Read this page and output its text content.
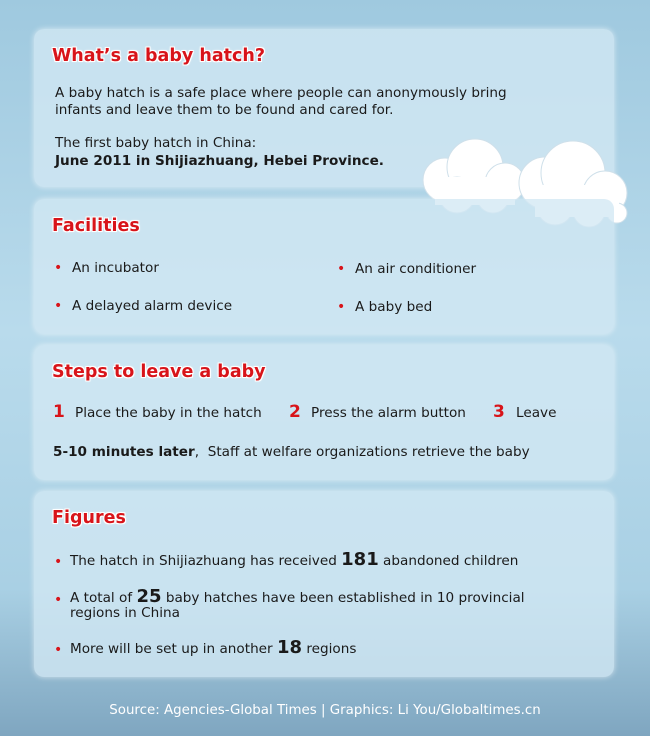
What’s a baby hatch?
A baby hatch is a safe place where people can anonymously bring infants and leave them to be found and cared for.
The first baby hatch in China:
June 2011 in Shijiazhuang, Hebei Province.
Facilities
• An incubator	• An air conditioner
• A delayed alarm device	• A baby bed
Steps to leave a baby
1 Place the baby in the hatch 2 Press the alarm button 3 Leave
5-10 minutes later,  Staff at welfare organizations retrieve the baby
Figures
• The hatch in Shijiazhuang has received 181 abandoned children
• A total of 25 baby hatches have been established in 10 provincial regions in China
• More will be set up in another 18 regions
Source: Agencies-Global Times | Graphics: Li You/Globaltimes.cn
